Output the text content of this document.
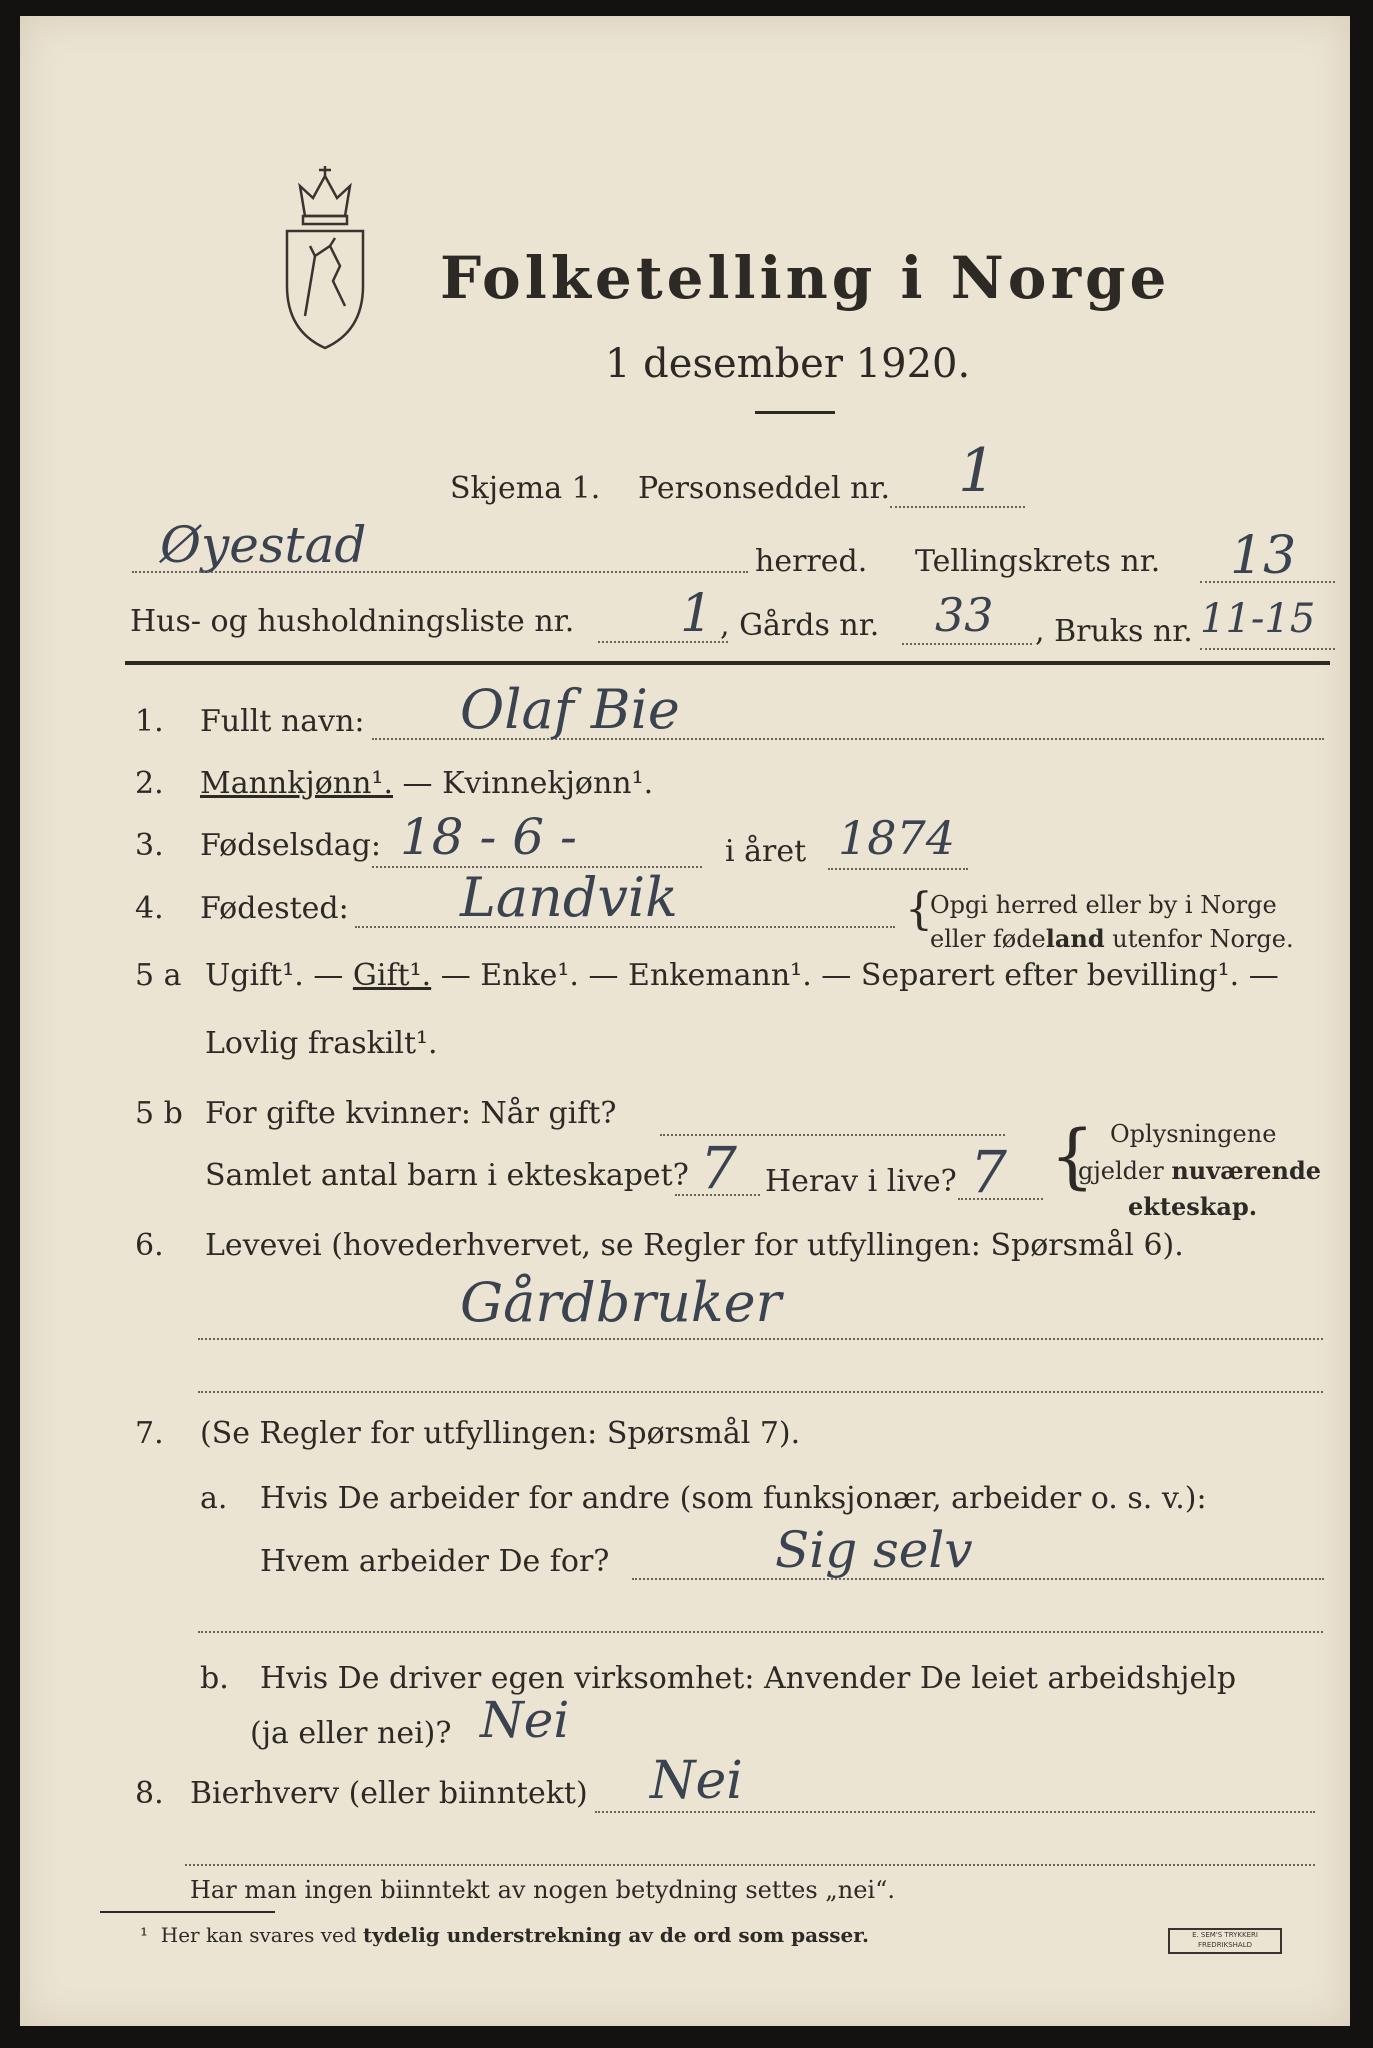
Folketelling i Norge
1 desember 1920.
Skjema 1. Personseddel nr. 1
Øyestad	herred. Tellingskrets nr. 13
Hus- og husholdningsliste nr. 1 , Gårds nr. 33 , Bruks nr. 11-15
1. Fullt navn: Olaf Bie
2. Mannkjønn¹. — Kvinnekjønn¹.
3. Fødselsdag: 18 - 6 -	i året 1874
4. Fødested: Landvik	{
Opgi herred eller by i Norge
eller fødeland utenfor Norge.
5 a Ugift¹. — Gift¹. — Enke¹. — Enkemann¹. — Separert efter bevilling¹. —
Lovlig fraskilt¹.
5 b For gifte kvinner: Når gift?
Samlet antal barn i ekteskapet? 7 Herav i live? 7 { Oplysningene
gjelder nuværende
ekteskap.
6. Levevei (hovederhvervet, se Regler for utfyllingen: Spørsmål 6).
Gårdbruker
7. (Se Regler for utfyllingen: Spørsmål 7).
a. Hvis De arbeider for andre (som funksjonær, arbeider o. s. v.):
Hvem arbeider De for?	Sig selv
b. Hvis De driver egen virksomhet: Anvender De leiet arbeidshjelp
(ja eller nei)? Nei
8. Bierhverv (eller biinntekt) Nei
Har man ingen biinntekt av nogen betydning settes „nei“.
¹ Her kan svares ved tydelig understrekning av de ord som passer.	E. SEM'S TRYKKERI
FREDRIKSHALD
